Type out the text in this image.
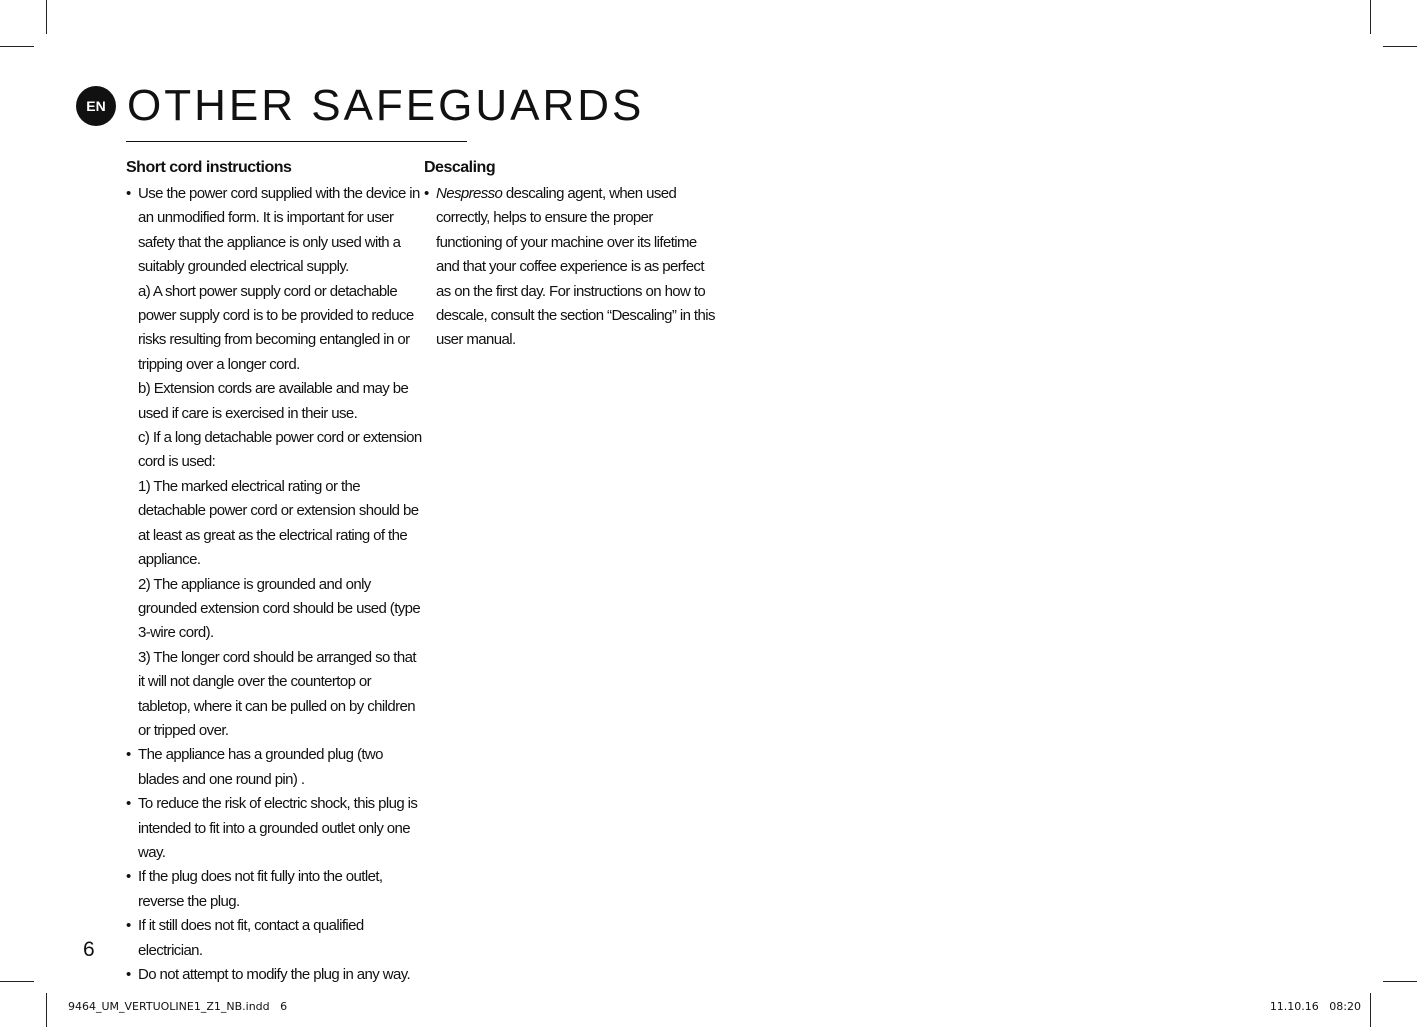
EN OTHER SAFEGUARDS
Short cord instructions
• Use the power cord supplied with the device in an unmodified form. It is important for user safety that the appliance is only used with a suitably grounded electrical supply.

a) A short power supply cord or detachable power supply cord is to be provided to reduce risks resulting from becoming entangled in or tripping over a longer cord.

b) Extension cords are available and may be used if care is exercised in their use.

c) If a long detachable power cord or extension cord is used:

1) The marked electrical rating or the detachable power cord or extension should be at least as great as the electrical rating of the appliance.

2) The appliance is grounded and only grounded extension cord should be used (type 3-wire cord).

3) The longer cord should be arranged so that it will not dangle over the countertop or tabletop, where it can be pulled on by children or tripped over.

• The appliance has a grounded plug (two blades and one round pin) .
• To reduce the risk of electric shock, this plug is intended to fit into a grounded outlet only one way.
• If the plug does not fit fully into the outlet, reverse the plug.
• If it still does not fit, contact a qualified electrician.
• Do not attempt to modify the plug in any way.
Descaling
• Nespresso descaling agent, when used correctly, helps to ensure the proper functioning of your machine over its lifetime and that your coffee experience is as perfect as on the first day. For instructions on how to descale, consult the section “Descaling” in this user manual.
6
9464_UM_VERTUOLINE1_Z1_NB.indd   6	11.10.16   08:20
